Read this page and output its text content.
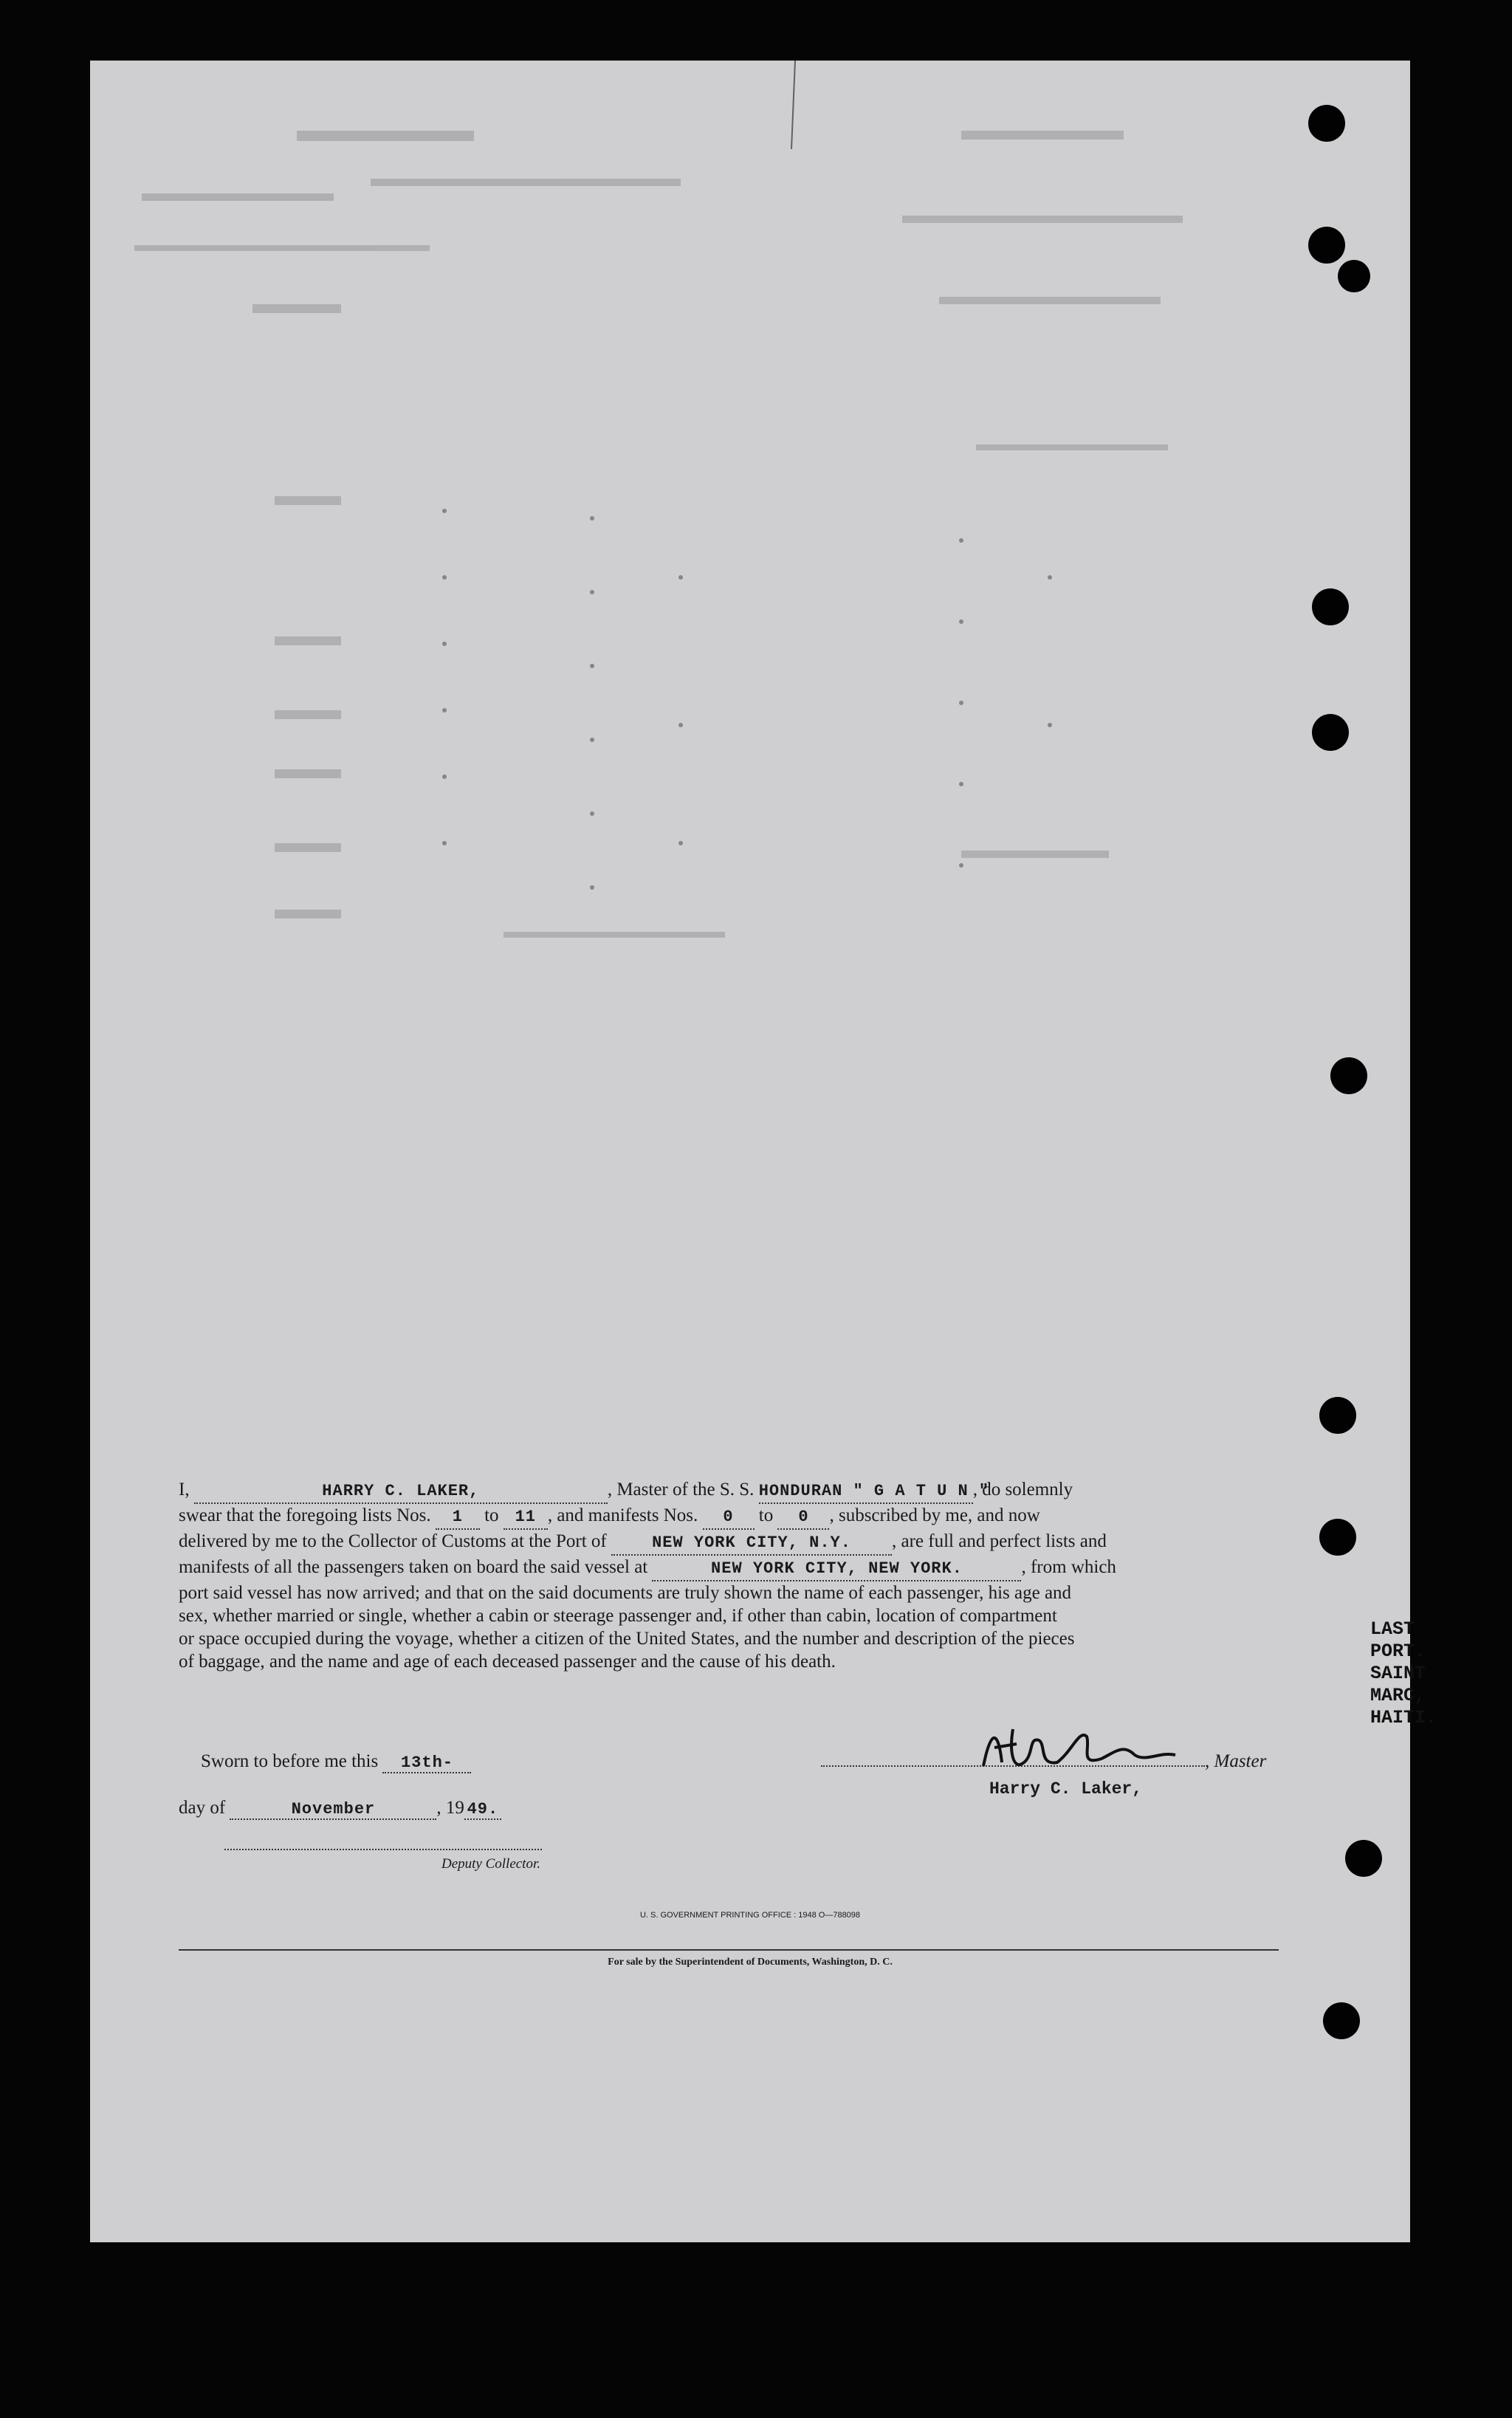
I,	HARRY C. LAKER,	, Master of the S. S. HONDURAN " G A T U N ", do solemnly
swear that the foregoing lists Nos. 1 to 11 , and manifests Nos. 0 to 0 , subscribed by me, and now
delivered by me to the Collector of Customs at the Port of	NEW YORK CITY, N.Y. , are full and perfect lists and
manifests of all the passengers taken on board the said vessel at	NEW YORK CITY, NEW YORK.	, from which
port said vessel has now arrived; and that on the said documents are truly shown the name of each passenger, his age and
sex, whether married or single, whether a cabin or steerage passenger and, if other than cabin, location of compartment
or space occupied during the voyage, whether a citizen of the United States, and the number and description of the pieces
of baggage, and the name and age of each deceased passenger and the cause of his death.
LAST PORT.
SAINT MARC,
HAITI.
Sworn to before me this 13th-
day of	November	, 19 49.
, Master
Harry C. Laker,
Deputy Collector.
U. S. GOVERNMENT PRINTING OFFICE : 1948 O—788098
For sale by the Superintendent of Documents, Washington, D. C.
